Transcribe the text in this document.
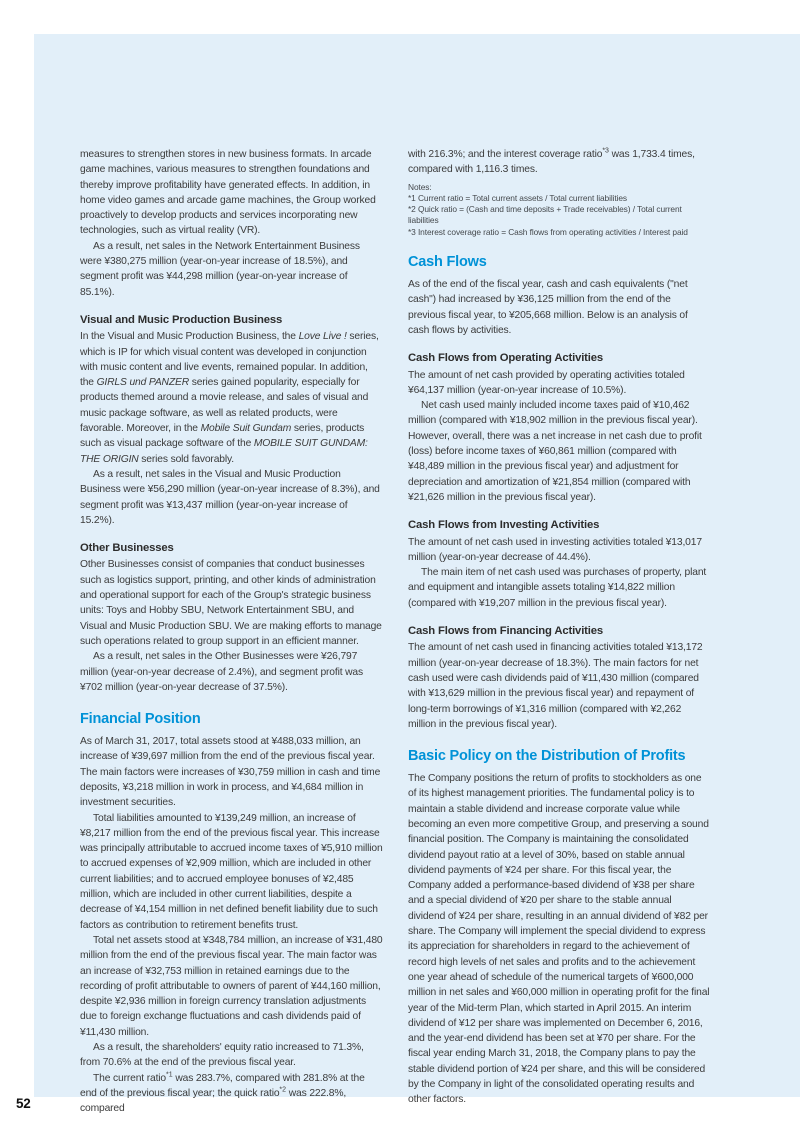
measures to strengthen stores in new business formats. In arcade game machines, various measures to strengthen foundations and thereby improve profitability have generated effects. In addition, in home video games and arcade game machines, the Group worked proactively to develop products and services incorporating new technologies, such as virtual reality (VR).

As a result, net sales in the Network Entertainment Business were ¥380,275 million (year-on-year increase of 18.5%), and segment profit was ¥44,298 million (year-on-year increase of 85.1%).

Visual and Music Production Business

In the Visual and Music Production Business, the Love Live ! series, which is IP for which visual content was developed in conjunction with music content and live events, remained popular. In addition, the GIRLS und PANZER series gained popularity, especially for products themed around a movie release, and sales of visual and music package software, as well as related products, were favorable. Moreover, in the Mobile Suit Gundam series, products such as visual package software of the MOBILE SUIT GUNDAM: THE ORIGIN series sold favorably.

As a result, net sales in the Visual and Music Production Business were ¥56,290 million (year-on-year increase of 8.3%), and segment profit was ¥13,437 million (year-on-year increase of 15.2%).

Other Businesses

Other Businesses consist of companies that conduct businesses such as logistics support, printing, and other kinds of administration and operational support for each of the Group's strategic business units: Toys and Hobby SBU, Network Entertainment SBU, and Visual and Music Production SBU. We are making efforts to manage such operations related to group support in an efficient manner.

As a result, net sales in the Other Businesses were ¥26,797 million (year-on-year decrease of 2.4%), and segment profit was ¥702 million (year-on-year decrease of 37.5%).

Financial Position

As of March 31, 2017, total assets stood at ¥488,033 million, an increase of ¥39,697 million from the end of the previous fiscal year. The main factors were increases of ¥30,759 million in cash and time deposits, ¥3,218 million in work in process, and ¥4,684 million in investment securities.

Total liabilities amounted to ¥139,249 million, an increase of ¥8,217 million from the end of the previous fiscal year. This increase was principally attributable to accrued income taxes of ¥5,910 million to accrued expenses of ¥2,909 million, which are included in other current liabilities; and to accrued employee bonuses of ¥2,485 million, which are included in other current liabilities, despite a decrease of ¥4,154 million in net defined benefit liability due to such factors as contribution to retirement benefits trust.

Total net assets stood at ¥348,784 million, an increase of ¥31,480 million from the end of the previous fiscal year. The main factor was an increase of ¥32,753 million in retained earnings due to the recording of profit attributable to owners of parent of ¥44,160 million, despite ¥2,936 million in foreign currency translation adjustments due to foreign exchange fluctuations and cash dividends paid of ¥11,430 million.

As a result, the shareholders' equity ratio increased to 71.3%, from 70.6% at the end of the previous fiscal year.

The current ratio$^{*1}$ was 283.7%, compared with 281.8% at the end of the previous fiscal year; the quick ratio$^{*2}$ was 222.8%, compared

with 216.3%; and the interest coverage ratio$^{*3}$ was 1,733.4 times, compared with 1,116.3 times.

Notes:
*1 Current ratio = Total current assets / Total current liabilities
*2 Quick ratio = (Cash and time deposits + Trade receivables) / Total current liabilities
*3 Interest coverage ratio = Cash flows from operating activities / Interest paid
Cash Flows

As of the end of the fiscal year, cash and cash equivalents ("net cash") had increased by ¥36,125 million from the end of the previous fiscal year, to ¥205,668 million. Below is an analysis of cash flows by activities.

Cash Flows from Operating Activities

The amount of net cash provided by operating activities totaled ¥64,137 million (year-on-year increase of 10.5%).

Net cash used mainly included income taxes paid of ¥10,462 million (compared with ¥18,902 million in the previous fiscal year). However, overall, there was a net increase in net cash due to profit (loss) before income taxes of ¥60,861 million (compared with ¥48,489 million in the previous fiscal year) and adjustment for depreciation and amortization of ¥21,854 million (compared with ¥21,626 million in the previous fiscal year).

Cash Flows from Investing Activities

The amount of net cash used in investing activities totaled ¥13,017 million (year-on-year decrease of 44.4%).

The main item of net cash used was purchases of property, plant and equipment and intangible assets totaling ¥14,822 million (compared with ¥19,207 million in the previous fiscal year).

Cash Flows from Financing Activities

The amount of net cash used in financing activities totaled ¥13,172 million (year-on-year decrease of 18.3%). The main factors for net cash used were cash dividends paid of ¥11,430 million (compared with ¥13,629 million in the previous fiscal year) and repayment of long-term borrowings of ¥1,316 million (compared with ¥2,262 million in the previous fiscal year).

Basic Policy on the Distribution of Profits

The Company positions the return of profits to stockholders as one of its highest management priorities. The fundamental policy is to maintain a stable dividend and increase corporate value while becoming an even more competitive Group, and preserving a sound financial position. The Company is maintaining the consolidated dividend payout ratio at a level of 30%, based on stable annual dividend payments of ¥24 per share. For this fiscal year, the Company added a performance-based dividend of ¥38 per share and a special dividend of ¥20 per share to the stable annual dividend of ¥24 per share, resulting in an annual dividend of ¥82 per share. The Company will implement the special dividend to express its appreciation for shareholders in regard to the achievement of record high levels of net sales and profits and to the achievement one year ahead of schedule of the numerical targets of ¥600,000 million in net sales and ¥60,000 million in operating profit for the final year of the Mid-term Plan, which started in April 2015. An interim dividend of ¥12 per share was implemented on December 6, 2016, and the year-end dividend has been set at ¥70 per share. For the fiscal year ending March 31, 2018, the Company plans to pay the stable dividend portion of ¥24 per share, and this will be considered by the Company in light of the consolidated operating results and other factors.

52
